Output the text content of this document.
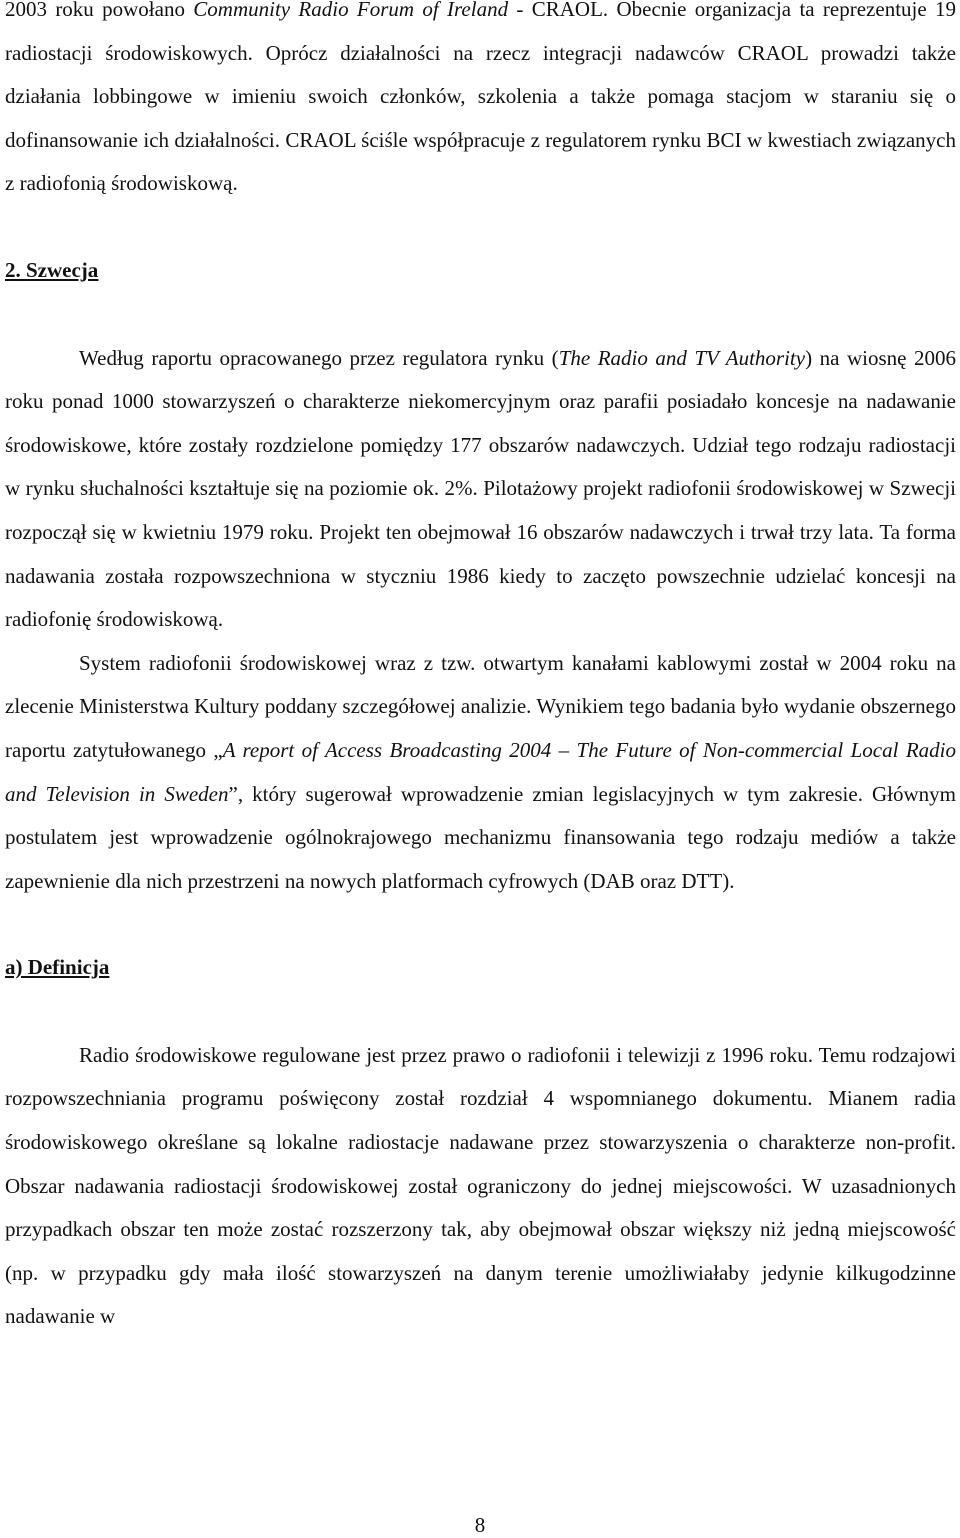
2003 roku powołano Community Radio Forum of Ireland - CRAOL. Obecnie organizacja ta reprezentuje 19 radiostacji środowiskowych. Oprócz działalności na rzecz integracji nadawców CRAOL prowadzi także działania lobbingowe w imieniu swoich członków, szkolenia a także pomaga stacjom w staraniu się o dofinansowanie ich działalności. CRAOL ściśle współpracuje z regulatorem rynku BCI w kwestiach związanych z radiofonią środowiskową.

2. Szwecja

Według raportu opracowanego przez regulatora rynku (The Radio and TV Authority) na wiosnę 2006 roku ponad 1000 stowarzyszeń o charakterze niekomercyjnym oraz parafii posiadało koncesje na nadawanie środowiskowe, które zostały rozdzielone pomiędzy 177 obszarów nadawczych. Udział tego rodzaju radiostacji w rynku słuchalności kształtuje się na poziomie ok. 2%. Pilotażowy projekt radiofonii środowiskowej w Szwecji rozpoczął się w kwietniu 1979 roku. Projekt ten obejmował 16 obszarów nadawczych i trwał trzy lata. Ta forma nadawania została rozpowszechniona w styczniu 1986 kiedy to zaczęto powszechnie udzielać koncesji na radiofonię środowiskową.

System radiofonii środowiskowej wraz z tzw. otwartym kanałami kablowymi został w 2004 roku na zlecenie Ministerstwa Kultury poddany szczegółowej analizie. Wynikiem tego badania było wydanie obszernego raportu zatytułowanego „A report of Access Broadcasting 2004 – The Future of Non-commercial Local Radio and Television in Sweden”, który sugerował wprowadzenie zmian legislacyjnych w tym zakresie. Głównym postulatem jest wprowadzenie ogólnokrajowego mechanizmu finansowania tego rodzaju mediów a także zapewnienie dla nich przestrzeni na nowych platformach cyfrowych (DAB oraz DTT).

a) Definicja

Radio środowiskowe regulowane jest przez prawo o radiofonii i telewizji z 1996 roku. Temu rodzajowi rozpowszechniania programu poświęcony został rozdział 4 wspomnianego dokumentu. Mianem radia środowiskowego określane są lokalne radiostacje nadawane przez stowarzyszenia o charakterze non-profit. Obszar nadawania radiostacji środowiskowej został ograniczony do jednej miejscowości. W uzasadnionych przypadkach obszar ten może zostać rozszerzony tak, aby obejmował obszar większy niż jedną miejscowość (np. w przypadku gdy mała ilość stowarzyszeń na danym terenie umożliwiałaby jedynie kilkugodzinne nadawanie w

8
